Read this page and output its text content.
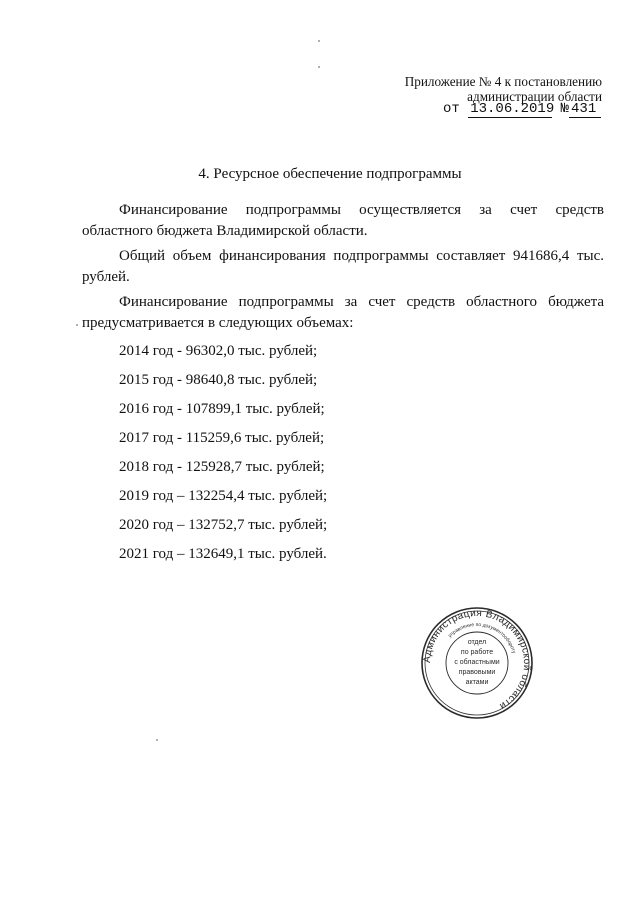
Приложение № 4 к постановлению
администрации области
от 13.06.2019 № 431
4. Ресурсное обеспечение подпрограммы

Финансирование подпрограммы осуществляется за счет средств областного бюджета Владимирской области.

Общий объем финансирования подпрограммы составляет 941686,4 тыс. рублей.

Финансирование подпрограммы за счет средств областного бюджета предусматривается в следующих объемах:

2014 год - 96302,0 тыс. рублей;
2015 год - 98640,8 тыс. рублей;
2016 год - 107899,1 тыс. рублей;
2017 год - 115259,6 тыс. рублей;
2018 год - 125928,7 тыс. рублей;
2019 год – 132254,4 тыс. рублей;
2020 год – 132752,7 тыс. рублей;
2021 год – 132649,1 тыс. рублей.
Администрация Владимирской области
управление по документообороту
отдел
по работе
с областными
правовыми
актами
